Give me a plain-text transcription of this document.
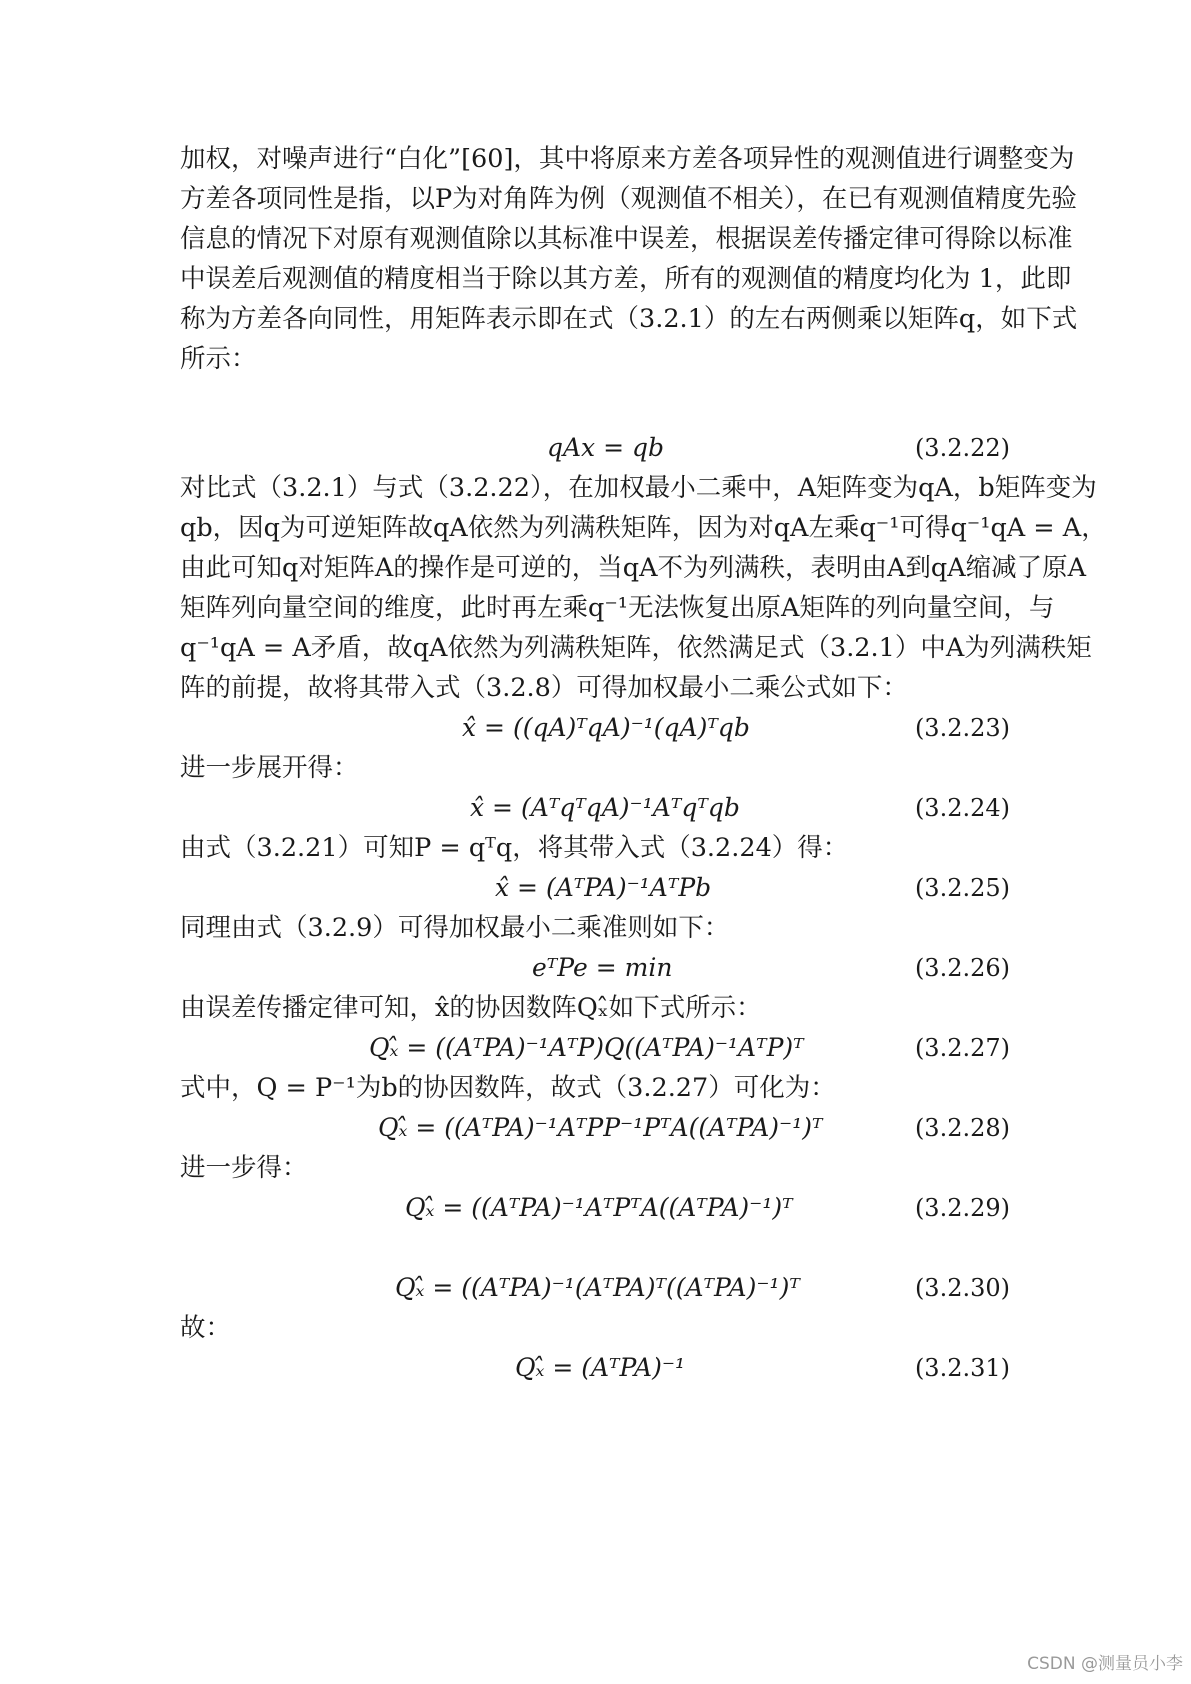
加权，对噪声进行“白化”[60]，其中将原来方差各项异性的观测值进行调整变为
方差各项同性是指，以P为对角阵为例（观测值不相关），在已有观测值精度先验
信息的情况下对原有观测值除以其标准中误差，根据误差传播定律可得除以标准
中误差后观测值的精度相当于除以其方差，所有的观测值的精度均化为 1，此即
称为方差各向同性，用矩阵表示即在式（3.2.1）的左右两侧乘以矩阵q，如下式
所示：
qAx = qb	(3.2.22)
对比式（3.2.1）与式（3.2.22），在加权最小二乘中，A矩阵变为qA，b矩阵变为
qb，因q为可逆矩阵故qA依然为列满秩矩阵，因为对qA左乘q⁻¹可得q⁻¹qA = A，
由此可知q对矩阵A的操作是可逆的，当qA不为列满秩，表明由A到qA缩减了原A
矩阵列向量空间的维度，此时再左乘q⁻¹无法恢复出原A矩阵的列向量空间，与
q⁻¹qA = A矛盾，故qA依然为列满秩矩阵，依然满足式（3.2.1）中A为列满秩矩
阵的前提，故将其带入式（3.2.8）可得加权最小二乘公式如下：
x̂ = ((qA)ᵀqA)⁻¹(qA)ᵀqb	(3.2.23)
进一步展开得：
x̂ = (AᵀqᵀqA)⁻¹Aᵀqᵀqb	(3.2.24)
由式（3.2.21）可知P = qᵀq，将其带入式（3.2.24）得：
x̂ = (AᵀPA)⁻¹AᵀPb	(3.2.25)
同理由式（3.2.9）可得加权最小二乘准则如下：
eᵀPe = min	(3.2.26)
由误差传播定律可知，x̂的协因数阵Qₓ̂如下式所示：
Qₓ̂ = ((AᵀPA)⁻¹AᵀP)Q((AᵀPA)⁻¹AᵀP)ᵀ	(3.2.27)
式中，Q = P⁻¹为b的协因数阵，故式（3.2.27）可化为：
Qₓ̂ = ((AᵀPA)⁻¹AᵀPP⁻¹PᵀA((AᵀPA)⁻¹)ᵀ	(3.2.28)
进一步得：
Qₓ̂ = ((AᵀPA)⁻¹AᵀPᵀA((AᵀPA)⁻¹)ᵀ	(3.2.29)
Qₓ̂ = ((AᵀPA)⁻¹(AᵀPA)ᵀ((AᵀPA)⁻¹)ᵀ	(3.2.30)
故：
Qₓ̂ = (AᵀPA)⁻¹	(3.2.31)
CSDN @测量员小李
